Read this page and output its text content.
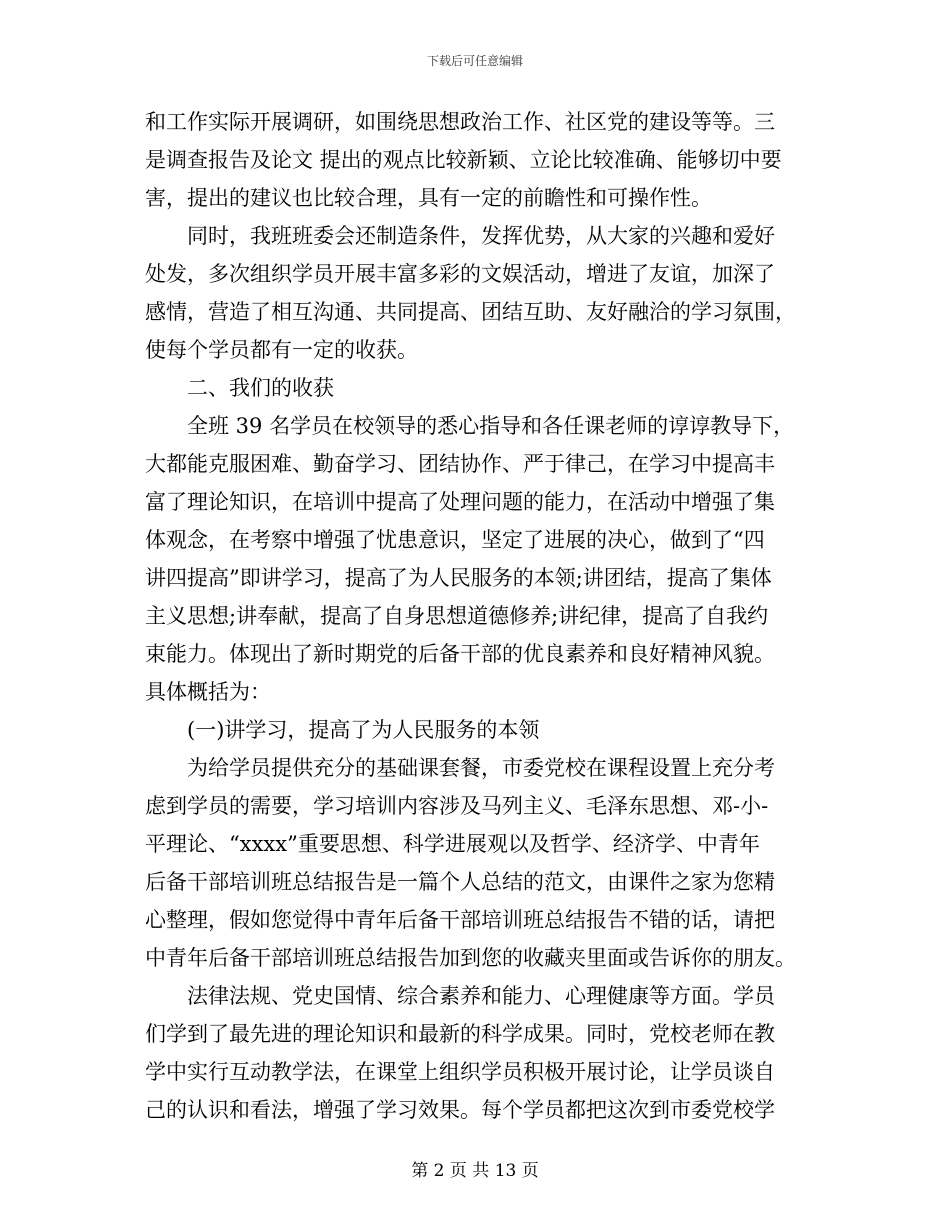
下载后可任意编辑
和工作实际开展调研，如围绕思想政治工作、社区党的建设等等。三
是调查报告及论文 提出的观点比较新颖、立论比较准确、能够切中要
害，提出的建议也比较合理，具有一定的前瞻性和可操作性。
同时，我班班委会还制造条件，发挥优势，从大家的兴趣和爱好
处发，多次组织学员开展丰富多彩的文娱活动，增进了友谊，加深了
感情，营造了相互沟通、共同提高、团结互助、友好融洽的学习氛围，
使每个学员都有一定的收获。
二、我们的收获
全班 39 名学员在校领导的悉心指导和各任课老师的谆谆教导下，
大都能克服困难、勤奋学习、团结协作、严于律己，在学习中提高丰
富了理论知识，在培训中提高了处理问题的能力，在活动中增强了集
体观念，在考察中增强了忧患意识，坚定了进展的决心，做到了“四
讲四提高”即讲学习，提高了为人民服务的本领;讲团结，提高了集体
主义思想;讲奉献，提高了自身思想道德修养;讲纪律，提高了自我约
束能力。体现出了新时期党的后备干部的优良素养和良好精神风貌。
具体概括为：
(一)讲学习，提高了为人民服务的本领
为给学员提供充分的基础课套餐，市委党校在课程设置上充分考
虑到学员的需要，学习培训内容涉及马列主义、毛泽东思想、邓-小-
平理论、“xxxx”重要思想、科学进展观以及哲学、经济学、中青年
后备干部培训班总结报告是一篇个人总结的范文，由课件之家为您精
心整理，假如您觉得中青年后备干部培训班总结报告不错的话，请把
中青年后备干部培训班总结报告加到您的收藏夹里面或告诉你的朋友。
法律法规、党史国情、综合素养和能力、心理健康等方面。学员
们学到了最先进的理论知识和最新的科学成果。同时，党校老师在教
学中实行互动教学法，在课堂上组织学员积极开展讨论，让学员谈自
己的认识和看法，增强了学习效果。每个学员都把这次到市委党校学
第 2 页 共 13 页
